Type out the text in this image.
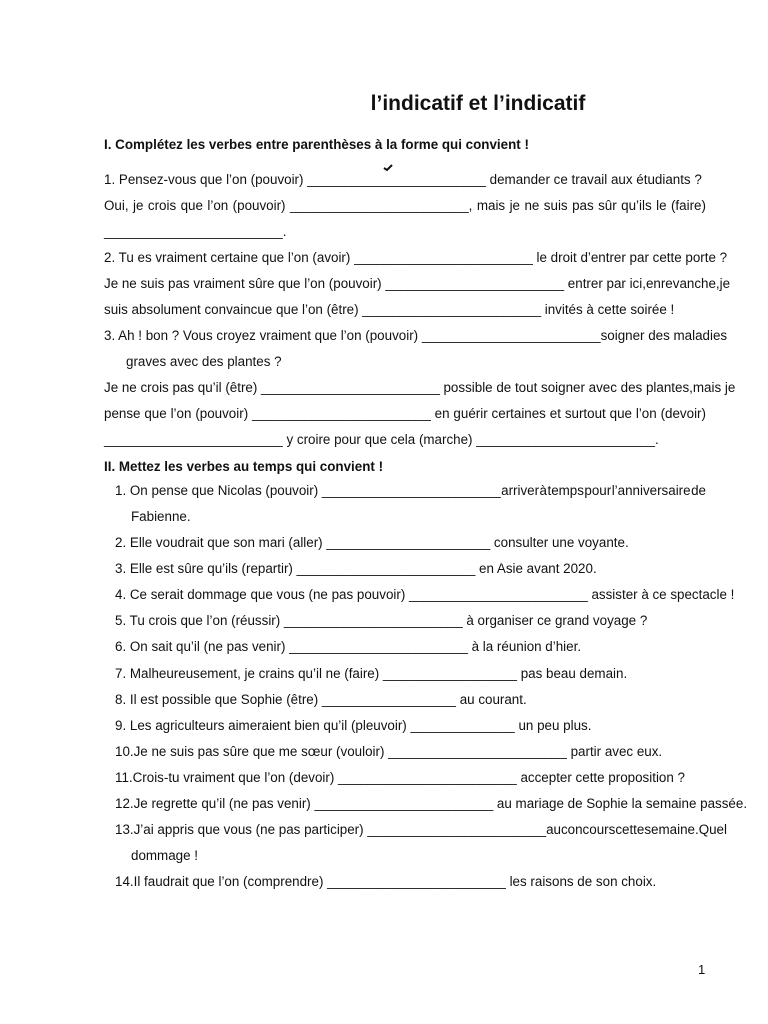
l’indicatif et l’indicatif
I. Complétez les verbes entre parenthèses à la forme qui convient !
1. Pensez-vous que l’on (pouvoir) ________________________ demander ce travail aux étudiants ?
Oui, je crois que l’on (pouvoir) ________________________, mais je ne suis pas sûr qu’ils le (faire)
________________________.
2. Tu es vraiment certaine que l’on (avoir) ________________________ le droit d’entrer par cette porte ?
Je ne suis pas vraiment sûre que l’on (pouvoir) ________________________ entrer par ici, en revanche, je
suis absolument convaincue que l’on (être) ________________________ invités à cette soirée !
3. Ah ! bon ? Vous croyez vraiment que l’on (pouvoir) ________________________ soigner des maladies
graves avec des plantes ?
Je ne crois pas qu’il (être) ________________________ possible de tout soigner avec des plantes, mais je
pense que l’on (pouvoir) ________________________ en guérir certaines et surtout que l’on (devoir)
________________________ y croire pour que cela (marche) ________________________.
II. Mettez les verbes au temps qui convient !
1. On pense que Nicolas (pouvoir) ________________________ arriver à temps pour l’anniversaire de
Fabienne.
2. Elle voudrait que son mari (aller) ______________________ consulter une voyante.
3. Elle est sûre qu’ils (repartir) ________________________ en Asie avant 2020.
4. Ce serait dommage que vous (ne pas pouvoir) ________________________ assister à ce spectacle !
5. Tu crois que l’on (réussir) ________________________ à organiser ce grand voyage ?
6. On sait qu’il (ne pas venir) ________________________ à la réunion d’hier.
7. Malheureusement, je crains qu’il ne (faire) __________________ pas beau demain.
8. Il est possible que Sophie (être) __________________ au courant.
9. Les agriculteurs aimeraient bien qu’il (pleuvoir) ______________ un peu plus.
10.Je ne suis pas sûre que me sœur (vouloir) ________________________ partir avec eux.
11.Crois-tu vraiment que l’on (devoir) ________________________ accepter cette proposition ?
12.Je regrette qu’il (ne pas venir) ________________________ au mariage de Sophie la semaine passée.
13.J’ai appris que vous (ne pas participer) ________________________ au concours cette semaine. Quel
dommage !
14.Il faudrait que l’on (comprendre) ________________________ les raisons de son choix.
1
